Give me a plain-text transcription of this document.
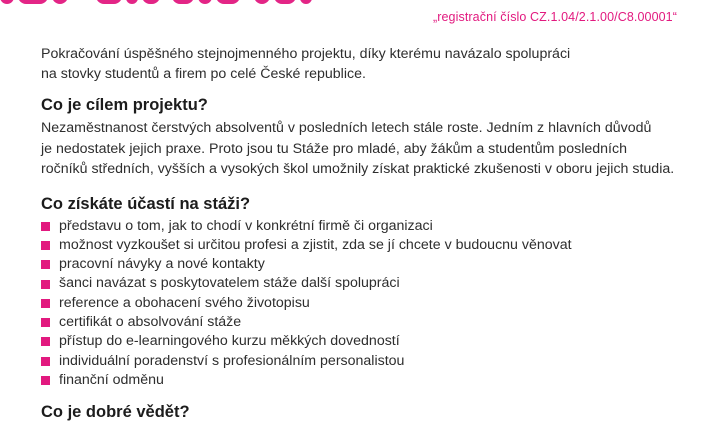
„registrační číslo CZ.1.04/2.1.00/C8.00001“
Pokračování úspěšného stejnojmenného projektu, díky kterému navázalo spolupráci
na stovky studentů a firem po celé České republice.
Co je cílem projektu?
Nezaměstnanost čerstvých absolventů v posledních letech stále roste. Jedním z hlavních důvodů
je nedostatek jejich praxe. Proto jsou tu Stáže pro mladé, aby žákům a studentům posledních
ročníků středních, vyšších a vysokých škol umožnily získat praktické zkušenosti v oboru jejich studia.
Co získáte účastí na stáži?
představu o tom, jak to chodí v konkrétní firmě či organizaci
možnost vyzkoušet si určitou profesi a zjistit, zda se jí chcete v budoucnu věnovat
pracovní návyky a nové kontakty
šanci navázat s poskytovatelem stáže další spolupráci
reference a obohacení svého životopisu
certifikát o absolvování stáže
přístup do e-learningového kurzu měkkých dovedností
individuální poradenství s profesionálním personalistou
finanční odměnu
Co je dobré vědět?
